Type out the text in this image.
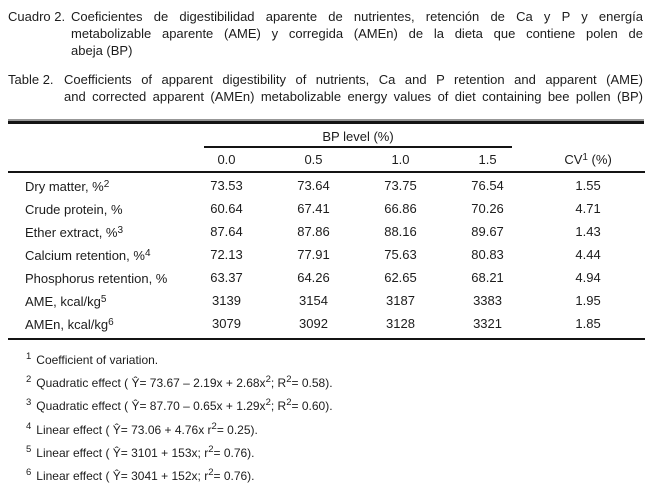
Cuadro 2. Coeficientes de digestibilidad aparente de nutrientes, retención de Ca y P y energía
metabolizable aparente (AME) y corregida (AMEn) de la dieta que contiene polen de
abeja (BP)
Table 2. Coefficients of apparent digestibility of nutrients, Ca and P retention and apparent (AME)
and corrected apparent (AMEn) metabolizable energy values of diet containing bee pollen (BP)

	BP level (%)				

	0.0	0.5	1.0	1.5	$CV^1$ (%)
Dry matter, %$^2$	73.53	73.64	73.75	76.54	1.55
Crude protein, %	60.64	67.41	66.86	70.26	4.71
Ether extract, %$^3$	87.64	87.86	88.16	89.67	1.43
Calcium retention, %$^4$	72.13	77.91	75.63	80.83	4.44
Phosphorus retention, %	63.37	64.26	62.65	68.21	4.94
AME, kcal/$kg^5$	3139	3154	3187	3383	1.95
AMEn, kcal/$kg^6$	3079	3092	3128	3321	1.85
$^1$ Coefficient of variation.
$^2$ Quadratic effect ( Ŷ= $73.67 - 2.19x + 2.68x^2$; $R^2= 0.58$).
$^3$ Quadratic effect ( Ŷ= $87.70 - 0.65x + 1.29x^2$; $R^2= 0.60$).
$^4$ Linear effect ( Ŷ= 73.06 + 4.76x $r^2= 0.25$).
$^5$ Linear effect ( Ŷ= 3101 + 153x; $r^2= 0.76$).
$^6$ Linear effect ( Ŷ= 3041 + 152x; $r^2= 0.76$).
